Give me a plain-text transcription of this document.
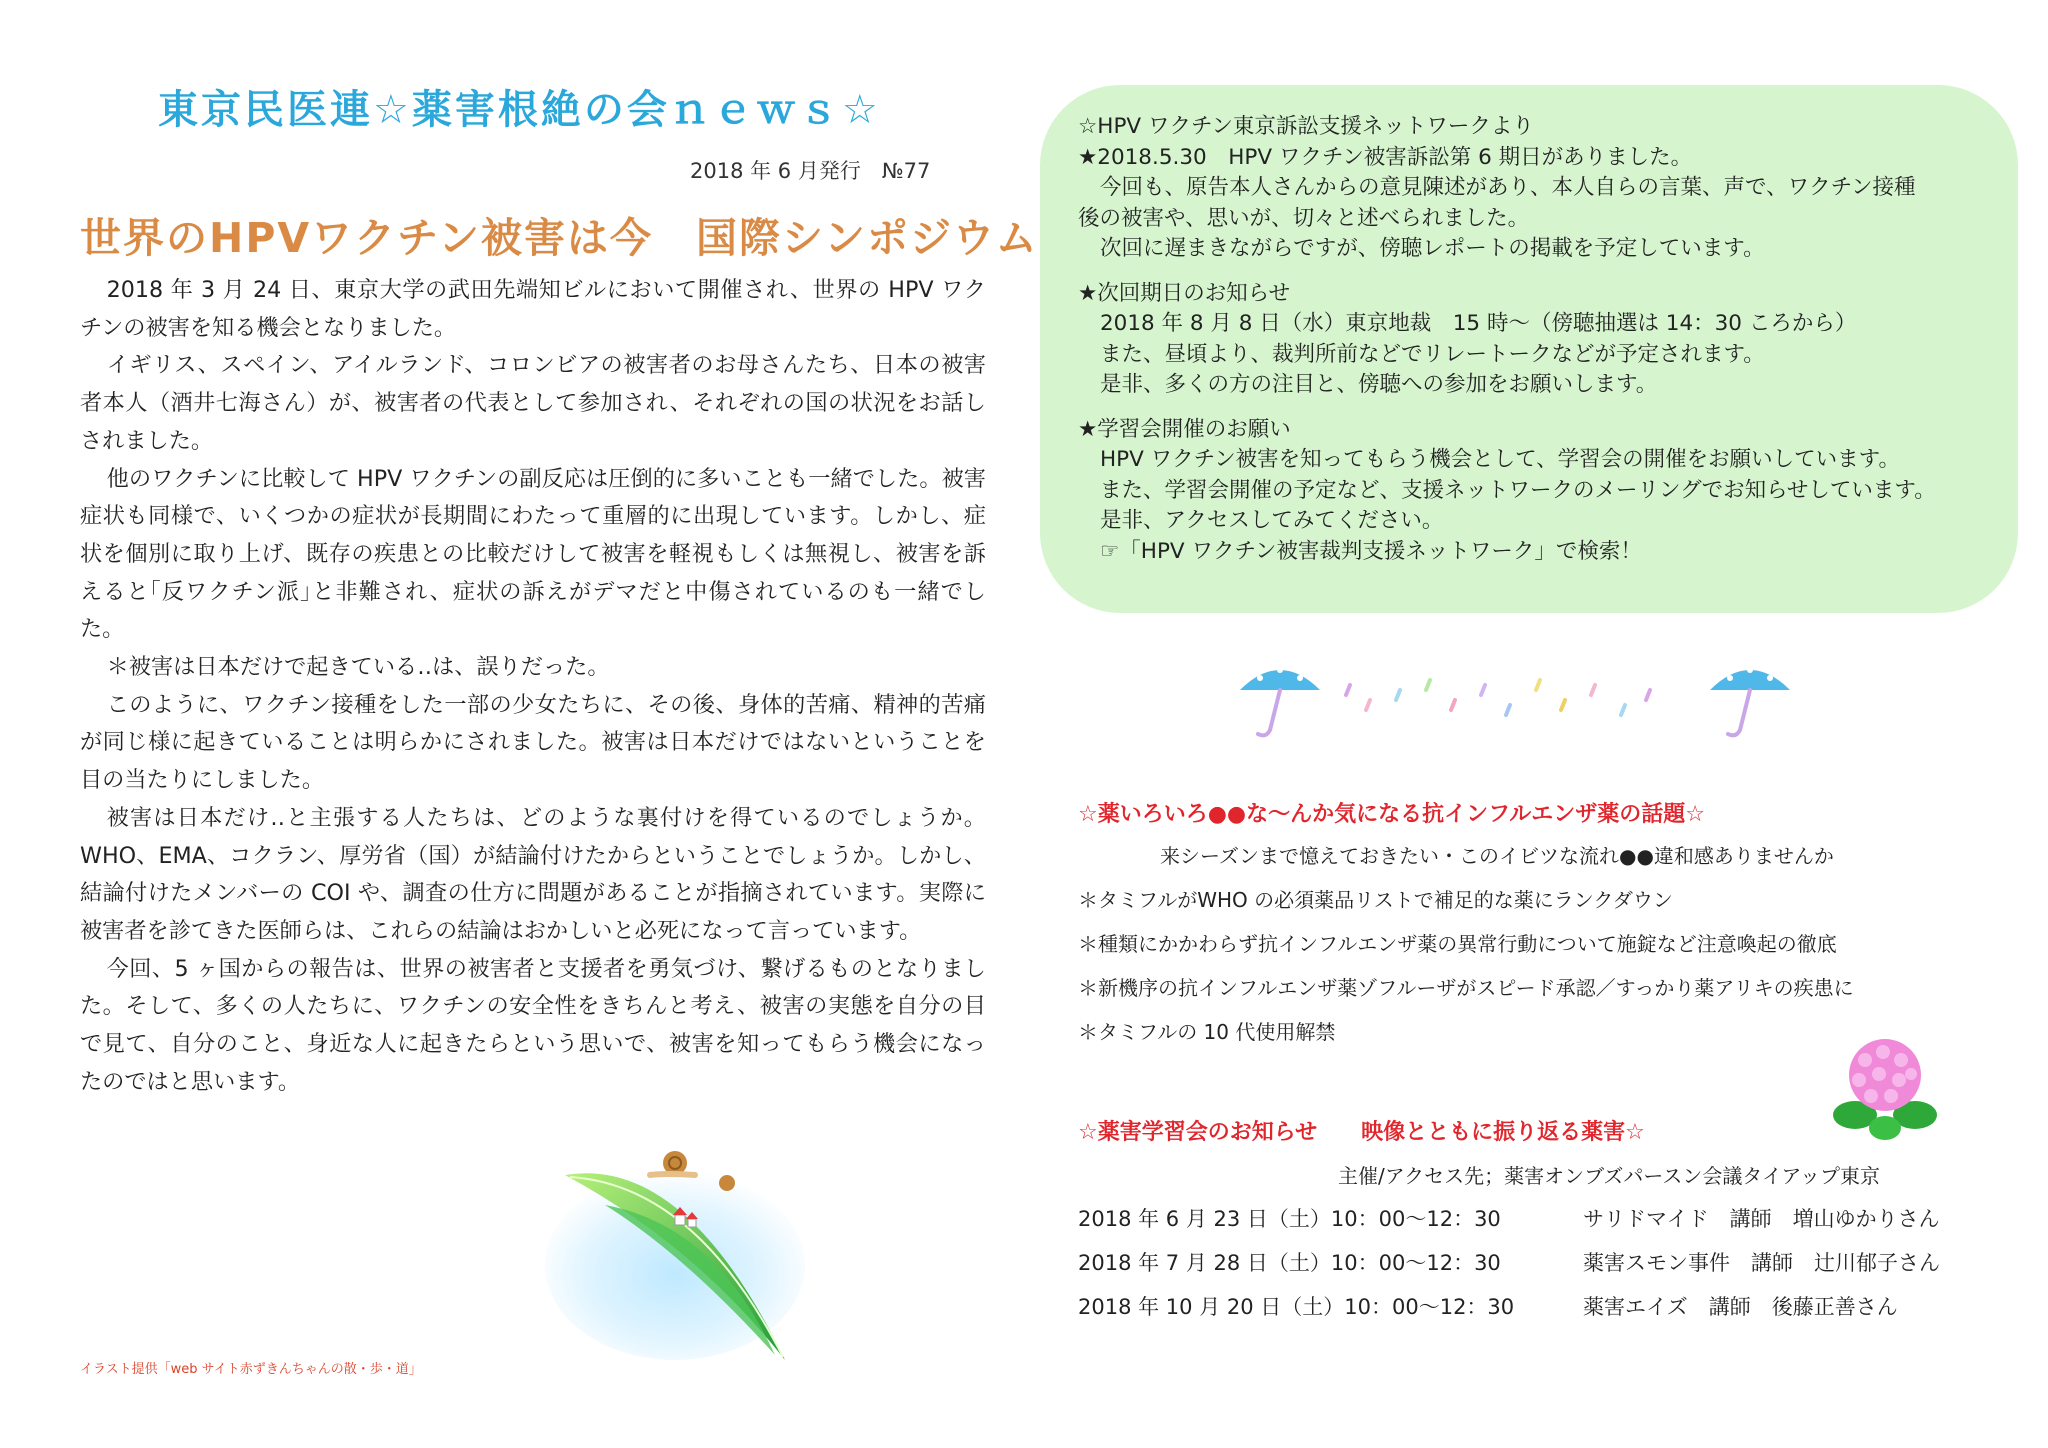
東京民医連☆薬害根絶の会ｎｅｗｓ☆
2018 年 6 月発行　№77
世界のHPVワクチン被害は今　国際シンポジウム

2018 年 3 月 24 日、東京大学の武田先端知ビルにおいて開催され、世界の HPV ワクチンの被害を知る機会となりました。

イギリス、スペイン、アイルランド、コロンビアの被害者のお母さんたち、日本の被害者本人（酒井七海さん）が、被害者の代表として参加され、それぞれの国の状況をお話しされました。

他のワクチンに比較して HPV ワクチンの副反応は圧倒的に多いことも一緒でした。被害症状も同様で、いくつかの症状が長期間にわたって重層的に出現しています。しかし、症状を個別に取り上げ、既存の疾患との比較だけして被害を軽視もしくは無視し、被害を訴えると｢反ワクチン派｣と非難され、症状の訴えがデマだと中傷されているのも一緒でした。

＊被害は日本だけで起きている‥は、誤りだった。

このように、ワクチン接種をした一部の少女たちに、その後、身体的苦痛、精神的苦痛が同じ様に起きていることは明らかにされました。被害は日本だけではないということを目の当たりにしました。

被害は日本だけ‥と主張する人たちは、どのような裏付けを得ているのでしょうか。WHO、EMA、コクラン、厚労省（国）が結論付けたからということでしょうか。しかし、結論付けたメンバーの COI や、調査の仕方に問題があることが指摘されています。実際に被害者を診てきた医師らは、これらの結論はおかしいと必死になって言っています。

今回、5 ヶ国からの報告は、世界の被害者と支援者を勇気づけ、繋げるものとなりました。そして、多くの人たちに、ワクチンの安全性をきちんと考え、被害の実態を自分の目で見て、自分のこと、身近な人に起きたらという思いで、被害を知ってもらう機会になったのではと思います。

イラスト提供「web サイト赤ずきんちゃんの散・歩・道」
☆HPV ワクチン東京訴訟支援ネットワークより
★2018.5.30　HPV ワクチン被害訴訟第 6 期日がありました。
今回も、原告本人さんからの意見陳述があり、本人自らの言葉、声で、ワクチン接種
後の被害や、思いが、切々と述べられました。
次回に遅まきながらですが、傍聴レポートの掲載を予定しています。
★次回期日のお知らせ
2018 年 8 月 8 日（水）東京地裁　15 時～（傍聴抽選は 14：30 ころから）
また、昼頃より、裁判所前などでリレートークなどが予定されます。
是非、多くの方の注目と、傍聴への参加をお願いします。
★学習会開催のお願い
HPV ワクチン被害を知ってもらう機会として、学習会の開催をお願いしています。
また、学習会開催の予定など、支援ネットワークのメーリングでお知らせしています。
是非、アクセスしてみてください。
☞「HPV ワクチン被害裁判支援ネットワーク」で検索！
☆薬いろいろ●●な～んか気になる抗インフルエンザ薬の話題☆
来シーズンまで憶えておきたい・このイビツな流れ●●違和感ありませんか
＊タミフルがWHO の必須薬品リストで補足的な薬にランクダウン
＊種類にかかわらず抗インフルエンザ薬の異常行動について施錠など注意喚起の徹底
＊新機序の抗インフルエンザ薬ゾフルーザがスピード承認／すっかり薬アリキの疾患に
＊タミフルの 10 代使用解禁
☆薬害学習会のお知らせ　　映像とともに振り返る薬害☆
主催/アクセス先；薬害オンブズパースン会議タイアップ東京
2018 年 6 月 23 日（土）10：00～12：30	サリドマイド　講師　増山ゆかりさん
2018 年 7 月 28 日（土）10：00～12：30	薬害スモン事件　講師　辻川郁子さん
2018 年 10 月 20 日（土）10：00～12：30	薬害エイズ　講師　後藤正善さん
